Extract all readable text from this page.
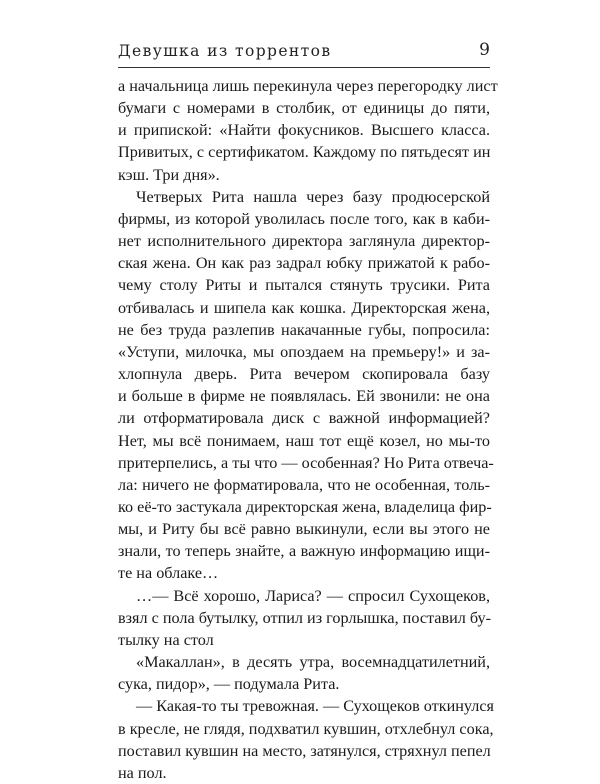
Девушка из торрентов	9
а начальница лишь перекинула через перегородку лист
бумаги с номерами в столбик, от единицы до пяти,
и припиской: «Найти фокусников. Высшего класса.
Привитых, с сертификатом. Каждому по пятьдесят ин
кэш. Три дня».
Четверых Рита нашла через базу продюсерской
фирмы, из которой уволилась после того, как в каби-
нет исполнительного директора заглянула директор-
ская жена. Он как раз задрал юбку прижатой к рабо-
чему столу Риты и пытался стянуть трусики. Рита
отбивалась и шипела как кошка. Директорская жена,
не без труда разлепив накачанные губы, попросила:
«Уступи, милочка, мы опоздаем на премьеру!» и за-
хлопнула дверь. Рита вечером скопировала базу
и больше в фирме не появлялась. Ей звонили: не она
ли отформатировала диск с важной информацией?
Нет, мы всё понимаем, наш тот ещё козел, но мы-то
притерпелись, а ты что — особенная? Но Рита отвеча-
ла: ничего не форматировала, что не особенная, толь-
ко её-то застукала директорская жена, владелица фир-
мы, и Риту бы всё равно выкинули, если вы этого не
знали, то теперь знайте, а важную информацию ищи-
те на облаке…
…— Всё хорошо, Лариса? — спросил Сухощеков,
взял с пола бутылку, отпил из горлышка, поставил бу-
тылку на стол
«Макаллан», в десять утра, восемнадцатилетний,
сука, пидор», — подумала Рита.
— Какая-то ты тревожная. — Сухощеков откинулся
в кресле, не глядя, подхватил кувшин, отхлебнул сока,
поставил кувшин на место, затянулся, стряхнул пепел
на пол.
